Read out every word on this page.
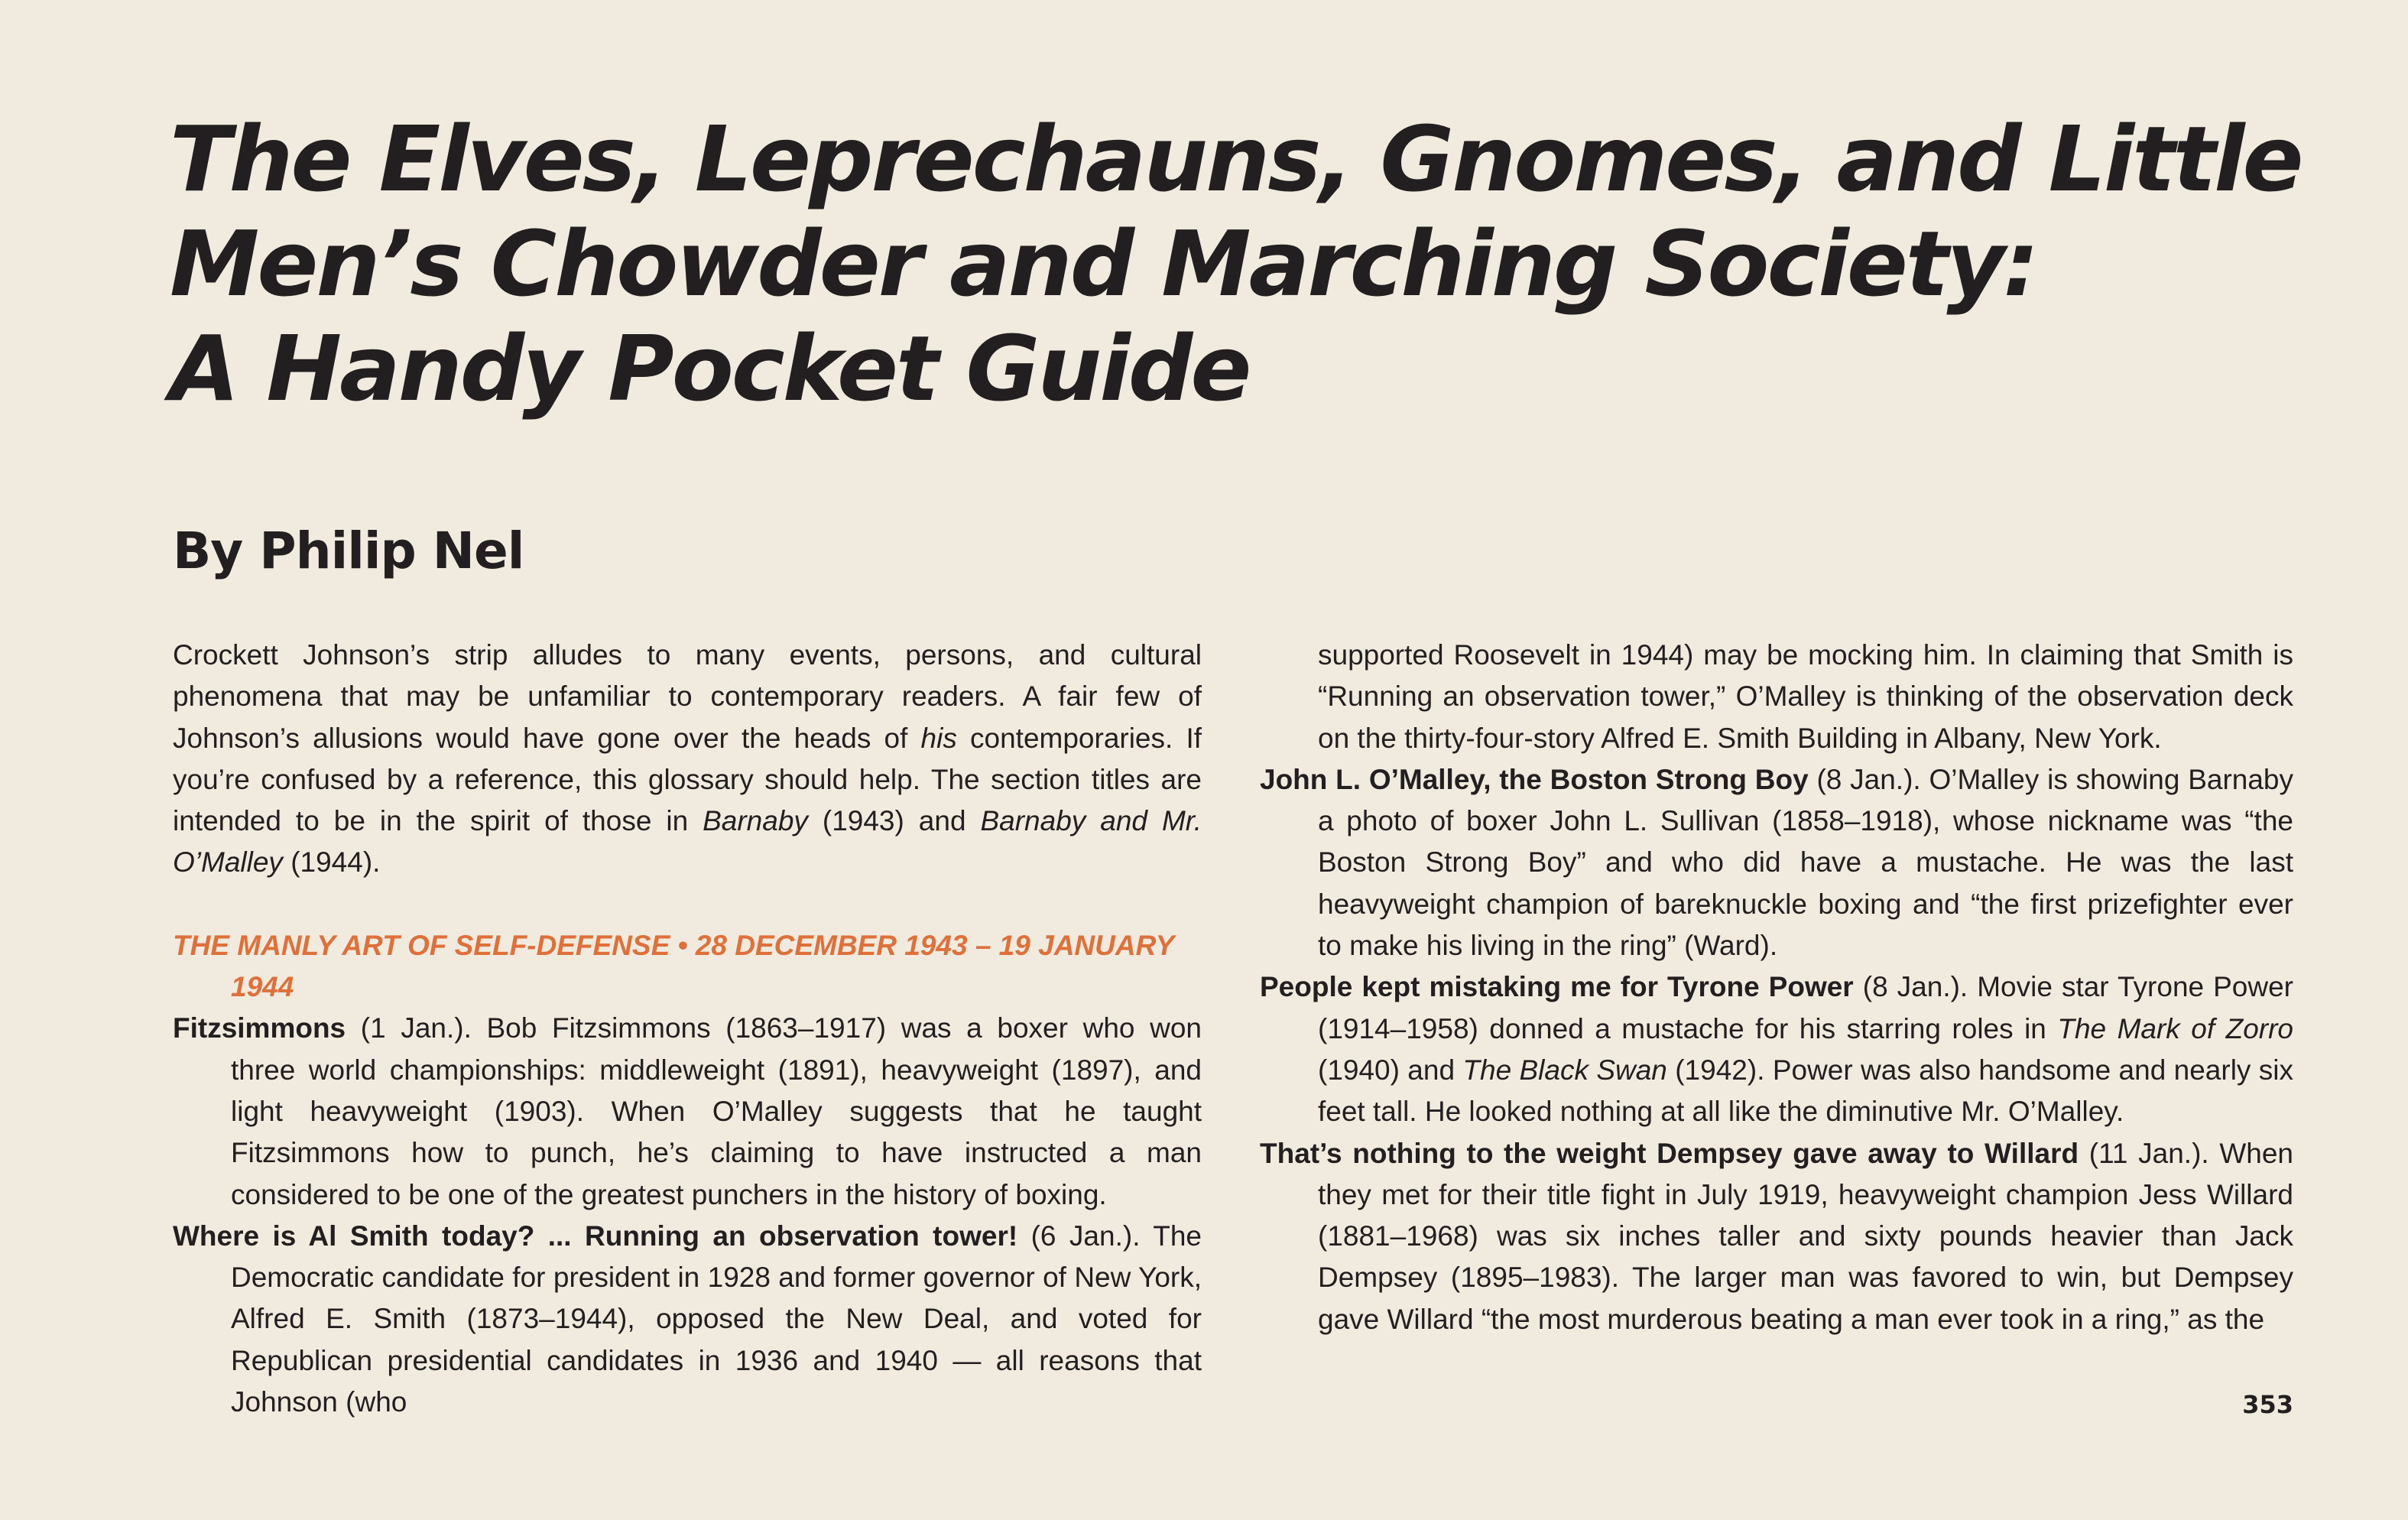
The Elves, Leprechauns, Gnomes, and Little
Men’s Chowder and Marching Society:
A Handy Pocket Guide
By Philip Nel

Crockett Johnson’s strip alludes to many events, persons, and cultural phenomena that may be unfamiliar to contemporary readers. A fair few of Johnson’s allusions would have gone over the heads of his contemporaries. If you’re confused by a reference, this glossary should help. The section titles are intended to be in the spirit of those in Barnaby (1943) and Barnaby and Mr. O’Malley (1944).

THE MANLY ART OF SELF-DEFENSE • 28 DECEMBER 1943 – 19 JANUARY 1944

Fitzsimmons (1 Jan.). Bob Fitzsimmons (1863–1917) was a boxer who won three world championships: middleweight (1891), heavyweight (1897), and light heavyweight (1903). When O’Malley suggests that he taught Fitzsimmons how to punch, he’s claiming to have instructed a man considered to be one of the greatest punchers in the history of boxing.

Where is Al Smith today? ... Running an observation tower! (6 Jan.). The Democratic candidate for president in 1928 and former governor of New York, Alfred E. Smith (1873–1944), opposed the New Deal, and voted for Republican presidential candidates in 1936 and 1940 — all reasons that Johnson (who

supported Roosevelt in 1944) may be mocking him. In claiming that Smith is “Running an observation tower,” O’Malley is thinking of the observation deck on the thirty-four-story Alfred E. Smith Building in Albany, New York.

John L. O’Malley, the Boston Strong Boy (8 Jan.). O’Malley is showing Barnaby a photo of boxer John L. Sullivan (1858–1918), whose nickname was “the Boston Strong Boy” and who did have a mustache. He was the last heavyweight champion of bareknuckle boxing and “the first prizefighter ever to make his living in the ring” (Ward).

People kept mistaking me for Tyrone Power (8 Jan.). Movie star Tyrone Power (1914–1958) donned a mustache for his starring roles in The Mark of Zorro (1940) and The Black Swan (1942). Power was also handsome and nearly six feet tall. He looked nothing at all like the diminutive Mr. O’Malley.

That’s nothing to the weight Dempsey gave away to Willard (11 Jan.). When they met for their title fight in July 1919, heavyweight champion Jess Willard (1881–1968) was six inches taller and sixty pounds heavier than Jack Dempsey (1895–1983). The larger man was favored to win, but Dempsey gave Willard “the most murderous beating a man ever took in a ring,” as the

353
